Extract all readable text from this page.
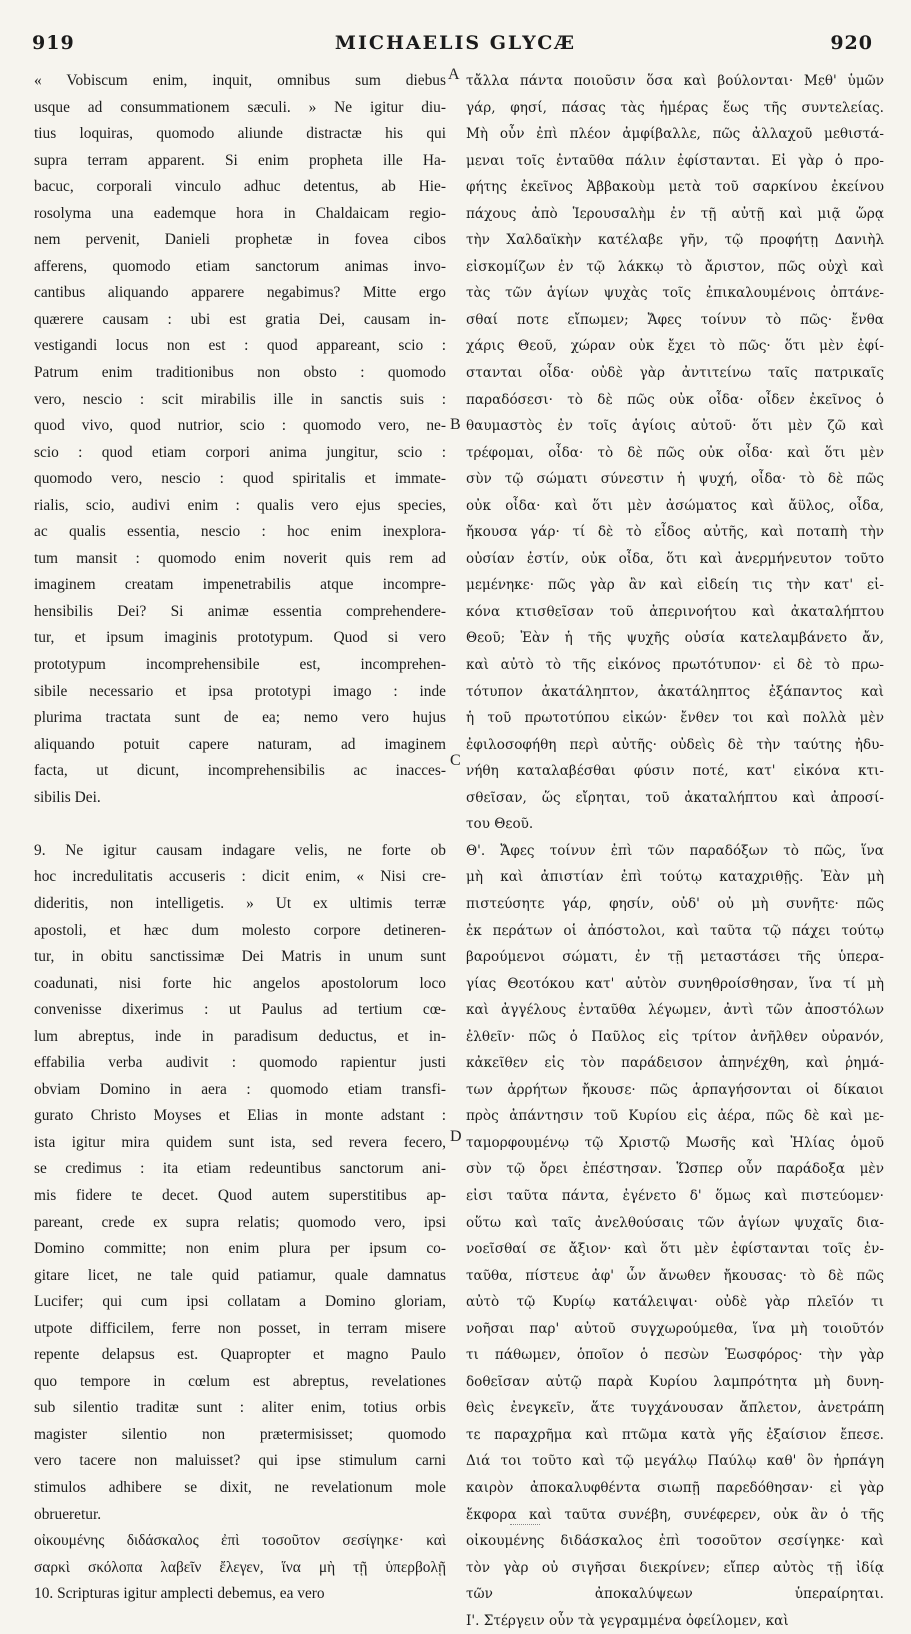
919	MICHAELIS GLYCÆ	920
A
B
C
D
« Vobiscum enim, inquit, omnibus sum diebus
usque ad consummationem sæculi. » Ne igitur diu-
tius loquiras, quomodo aliunde distractæ his qui
supra terram apparent. Si enim propheta ille Ha-
bacuc, corporali vinculo adhuc detentus, ab Hie-
rosolyma una eademque hora in Chaldaicam regio-
nem pervenit, Danieli prophetæ in fovea cibos
afferens, quomodo etiam sanctorum animas invo-
cantibus aliquando apparere negabimus? Mitte ergo
quærere causam : ubi est gratia Dei, causam in-
vestigandi locus non est : quod appareant, scio :
Patrum enim traditionibus non obsto : quomodo
vero, nescio : scit mirabilis ille in sanctis suis :
quod vivo, quod nutrior, scio : quomodo vero, ne-
scio : quod etiam corpori anima jungitur, scio :
quomodo vero, nescio : quod spiritalis et immate-
rialis, scio, audivi enim : qualis vero ejus species,
ac qualis essentia, nescio : hoc enim inexplora-
tum mansit : quomodo enim noverit quis rem ad
imaginem creatam impenetrabilis atque incompre-
hensibilis Dei? Si animæ essentia comprehendere-
tur, et ipsum imaginis prototypum. Quod si vero
prototypum incomprehensibile est, incomprehen-
sibile necessario et ipsa prototypi imago : inde
plurima tractata sunt de ea; nemo vero hujus
aliquando potuit capere naturam, ad imaginem
facta, ut dicunt, incomprehensibilis ac inacces-
sibilis Dei.
9. Ne igitur causam indagare velis, ne forte ob
hoc incredulitatis accuseris : dicit enim, « Nisi cre-
dideritis, non intelligetis. » Ut ex ultimis terræ
apostoli, et hæc dum molesto corpore detineren-
tur, in obitu sanctissimæ Dei Matris in unum sunt
coadunati, nisi forte hic angelos apostolorum loco
convenisse dixerimus : ut Paulus ad tertium cœ-
lum abreptus, inde in paradisum deductus, et in-
effabilia verba audivit : quomodo rapientur justi
obviam Domino in aera : quomodo etiam transfi-
gurato Christo Moyses et Elias in monte adstant :
ista igitur mira quidem sunt ista, sed revera fecero,
se credimus : ita etiam redeuntibus sanctorum ani-
mis fidere te decet. Quod autem superstitibus ap-
pareant, crede ex supra relatis; quomodo vero, ipsi
Domino committe; non enim plura per ipsum co-
gitare licet, ne tale quid patiamur, quale damnatus
Lucifer; qui cum ipsi collatam a Domino gloriam,
utpote difficilem, ferre non posset, in terram misere
repente delapsus est. Quapropter et magno Paulo
quo tempore in cœlum est abreptus, revelationes
sub silentio traditæ sunt : aliter enim, totius orbis
magister silentio non prætermisisset; quomodo
vero tacere non maluisset? qui ipse stimulum carni
stimulos adhibere se dixit, ne revelationum mole
obrueretur.
οἰκουμένης διδάσκαλος ἐπὶ τοσοῦτον σεσίγηκε· καὶ
σαρκὶ σκόλοπα λαβεῖν ἔλεγεν, ἵνα μὴ τῇ ὑπερβολῇ
10. Scripturas igitur amplecti debemus, ea vero
τἄλλα πάντα ποιοῦσιν ὅσα καὶ βούλονται· Μεθ' ὑμῶν
γάρ, φησί, πάσας τὰς ἡμέρας ἕως τῆς συντελείας.
Μὴ οὖν ἐπὶ πλέον ἀμφίβαλλε, πῶς ἀλλαχοῦ μεθιστά-
μεναι τοῖς ἐνταῦθα πάλιν ἐφίστανται. Εἰ γὰρ ὁ προ-
φήτης ἐκεῖνος Ἀββακοὺμ μετὰ τοῦ σαρκίνου ἐκείνου
πάχους ἀπὸ Ἱερουσαλὴμ ἐν τῇ αὐτῇ καὶ μιᾷ ὥρᾳ
τὴν Χαλδαϊκὴν κατέλαβε γῆν, τῷ προφήτῃ Δανιὴλ
εἰσκομίζων ἐν τῷ λάκκῳ τὸ ἄριστον, πῶς οὐχὶ καὶ
τὰς τῶν ἁγίων ψυχὰς τοῖς ἐπικαλουμένοις ὀπτάνε-
σθαί ποτε εἴπωμεν; Ἄφες τοίνυν τὸ πῶς· ἔνθα
χάρις Θεοῦ, χώραν οὐκ ἔχει τὸ πῶς· ὅτι μὲν ἐφί-
στανται οἶδα· οὐδὲ γὰρ ἀντιτείνω ταῖς πατρικαῖς
παραδόσεσι· τὸ δὲ πῶς οὐκ οἶδα· οἶδεν ἐκεῖνος ὁ
θαυμαστὸς ἐν τοῖς ἁγίοις αὐτοῦ· ὅτι μὲν ζῶ καὶ
τρέφομαι, οἶδα· τὸ δὲ πῶς οὐκ οἶδα· καὶ ὅτι μὲν
σὺν τῷ σώματι σύνεστιν ἡ ψυχή, οἶδα· τὸ δὲ πῶς
οὐκ οἶδα· καὶ ὅτι μὲν ἀσώματος καὶ ἄϋλος, οἶδα,
ἤκουσα γάρ· τί δὲ τὸ εἶδος αὐτῆς, καὶ ποταπὴ τὴν
οὐσίαν ἐστίν, οὐκ οἶδα, ὅτι καὶ ἀνερμήνευτον τοῦτο
μεμένηκε· πῶς γὰρ ἂν καὶ εἰδείη τις τὴν κατ' εἰ-
κόνα κτισθεῖσαν τοῦ ἀπερινοήτου καὶ ἀκαταλήπτου
Θεοῦ; Ἐὰν ἡ τῆς ψυχῆς οὐσία κατελαμβάνετο ἄν,
καὶ αὐτὸ τὸ τῆς εἰκόνος πρωτότυπον· εἰ δὲ τὸ πρω-
τότυπον ἀκατάληπτον, ἀκατάληπτος ἐξάπαντος καὶ
ἡ τοῦ πρωτοτύπου εἰκών· ἔνθεν τοι καὶ πολλὰ μὲν
ἐφιλοσοφήθη περὶ αὐτῆς· οὐδεὶς δὲ τὴν ταύτης ἠδυ-
νήθη καταλαβέσθαι φύσιν ποτέ, κατ' εἰκόνα κτι-
σθεῖσαν, ὥς εἴρηται, τοῦ ἀκαταλήπτου καὶ ἀπροσί-
του Θεοῦ.
Θ'. Ἄφες τοίνυν ἐπὶ τῶν παραδόξων τὸ πῶς, ἵνα
μὴ καὶ ἀπιστίαν ἐπὶ τούτῳ καταχριθῇς. Ἐὰν μὴ
πιστεύσητε γάρ, φησίν, οὐδ' οὐ μὴ συνῆτε· πῶς
ἐκ περάτων οἱ ἀπόστολοι, καὶ ταῦτα τῷ πάχει τούτῳ
βαρούμενοι σώματι, ἐν τῇ μεταστάσει τῆς ὑπερα-
γίας Θεοτόκου κατ' αὐτὸν συνηθροίσθησαν, ἵνα τί μὴ
καὶ ἀγγέλους ἐνταῦθα λέγωμεν, ἀντὶ τῶν ἀποστόλων
ἐλθεῖν· πῶς ὁ Παῦλος εἰς τρίτον ἀνῆλθεν οὐρανόν,
κἀκεῖθεν εἰς τὸν παράδεισον ἀπηνέχθη, καὶ ῥημά-
των ἀρρήτων ἤκουσε· πῶς ἁρπαγήσονται οἱ δίκαιοι
πρὸς ἀπάντησιν τοῦ Κυρίου εἰς ἀέρα, πῶς δὲ καὶ με-
ταμορφουμένῳ τῷ Χριστῷ Μωσῆς καὶ Ἠλίας ὁμοῦ
σὺν τῷ ὄρει ἐπέστησαν. Ὥσπερ οὖν παράδοξα μὲν
εἰσι ταῦτα πάντα, ἐγένετο δ' ὅμως καὶ πιστεύομεν·
οὕτω καὶ ταῖς ἀνελθούσαις τῶν ἁγίων ψυχαῖς δια-
νοεῖσθαί σε ἄξιον· καὶ ὅτι μὲν ἐφίστανται τοῖς ἐν-
ταῦθα, πίστευε ἀφ' ὧν ἄνωθεν ἤκουσας· τὸ δὲ πῶς
αὐτὸ τῷ Κυρίῳ κατάλειψαι· οὐδὲ γὰρ πλεῖόν τι
νοῆσαι παρ' αὐτοῦ συγχωρούμεθα, ἵνα μὴ τοιοῦτόν
τι πάθωμεν, ὁποῖον ὁ πεσὼν Ἑωσφόρος· τὴν γὰρ
δοθεῖσαν αὐτῷ παρὰ Κυρίου λαμπρότητα μὴ δυνη-
θεὶς ἐνεγκεῖν, ἅτε τυγχάνουσαν ἄπλετον, ἀνετράπη
τε παραχρῆμα καὶ πτῶμα κατὰ γῆς ἐξαίσιον ἔπεσε.
Διά τοι τοῦτο καὶ τῷ μεγάλῳ Παύλῳ καθ' ὃν ἡρπάγη
καιρὸν ἀποκαλυφθέντα σιωπῇ παρεδόθησαν· εἰ γὰρ
ἔκφορα καὶ ταῦτα συνέβη, συνέφερεν, οὐκ ἂν ὁ τῆς
οἰκουμένης διδάσκαλος ἐπὶ τοσοῦτον σεσίγηκε· καὶ
τὸν γὰρ οὐ σιγῆσαι διεκρίνεν; εἴπερ αὐτὸς τῇ ἰδίᾳ
τῶν ἀποκαλύψεων ὑπεραίρηται.
Ι'. Στέργειν οὖν τὰ γεγραμμένα ὀφείλομεν, καὶ
